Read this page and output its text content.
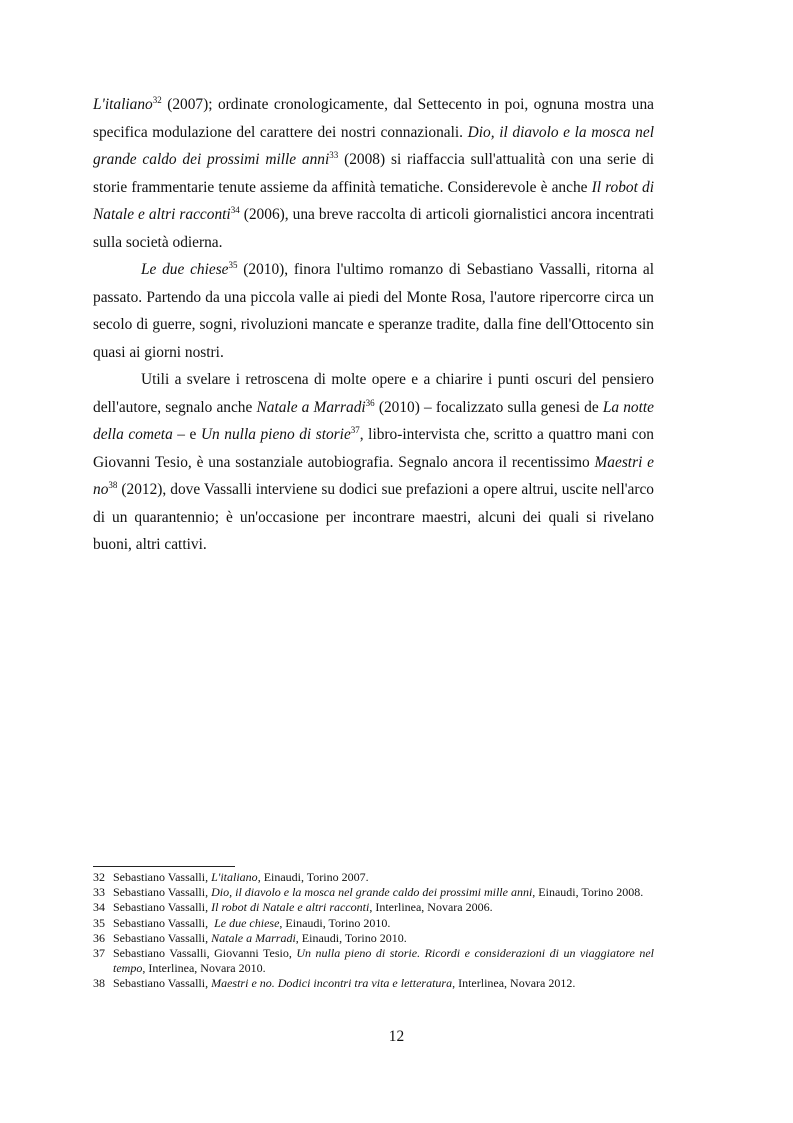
L'italiano$^{32}$ (2007); ordinate cronologicamente, dal Settecento in poi, ognuna mostra una specifica modulazione del carattere dei nostri connazionali. Dio, il diavolo e la mosca nel grande caldo dei prossimi mille anni$^{33}$ (2008) si riaffaccia sull'attualità con una serie di storie frammentarie tenute assieme da affinità tematiche. Considerevole è anche Il robot di Natale e altri racconti$^{34}$ (2006), una breve raccolta di articoli giornalistici ancora incentrati sulla società odierna.

Le due chiese$^{35}$ (2010), finora l'ultimo romanzo di Sebastiano Vassalli, ritorna al passato. Partendo da una piccola valle ai piedi del Monte Rosa, l'autore ripercorre circa un secolo di guerre, sogni, rivoluzioni mancate e speranze tradite, dalla fine dell'Ottocento sin quasi ai giorni nostri.

Utili a svelare i retroscena di molte opere e a chiarire i punti oscuri del pensiero dell'autore, segnalo anche Natale a Marradi$^{36}$ (2010) – focalizzato sulla genesi de La notte della cometa – e Un nulla pieno di storie$^{37}$, libro-intervista che, scritto a quattro mani con Giovanni Tesio, è una sostanziale autobiografia. Segnalo ancora il recentissimo Maestri e $no^{38}$ (2012), dove Vassalli interviene su dodici sue prefazioni a opere altrui, uscite nell'arco di un quarantennio; è un'occasione per incontrare maestri, alcuni dei quali si rivelano buoni, altri cattivi.

32 Sebastiano Vassalli, L'italiano, Einaudi, Torino 2007.
33 Sebastiano Vassalli, Dio, il diavolo e la mosca nel grande caldo dei prossimi mille anni, Einaudi, Torino 2008.
34 Sebastiano Vassalli, Il robot di Natale e altri racconti, Interlinea, Novara 2006.
35 Sebastiano Vassalli,  Le due chiese, Einaudi, Torino 2010.
36 Sebastiano Vassalli, Natale a Marradi, Einaudi, Torino 2010.
37 Sebastiano Vassalli, Giovanni Tesio, Un nulla pieno di storie. Ricordi e considerazioni di un viaggiatore nel tempo, Interlinea, Novara 2010.
38 Sebastiano Vassalli, Maestri e no. Dodici incontri tra vita e letteratura, Interlinea, Novara 2012.
12
